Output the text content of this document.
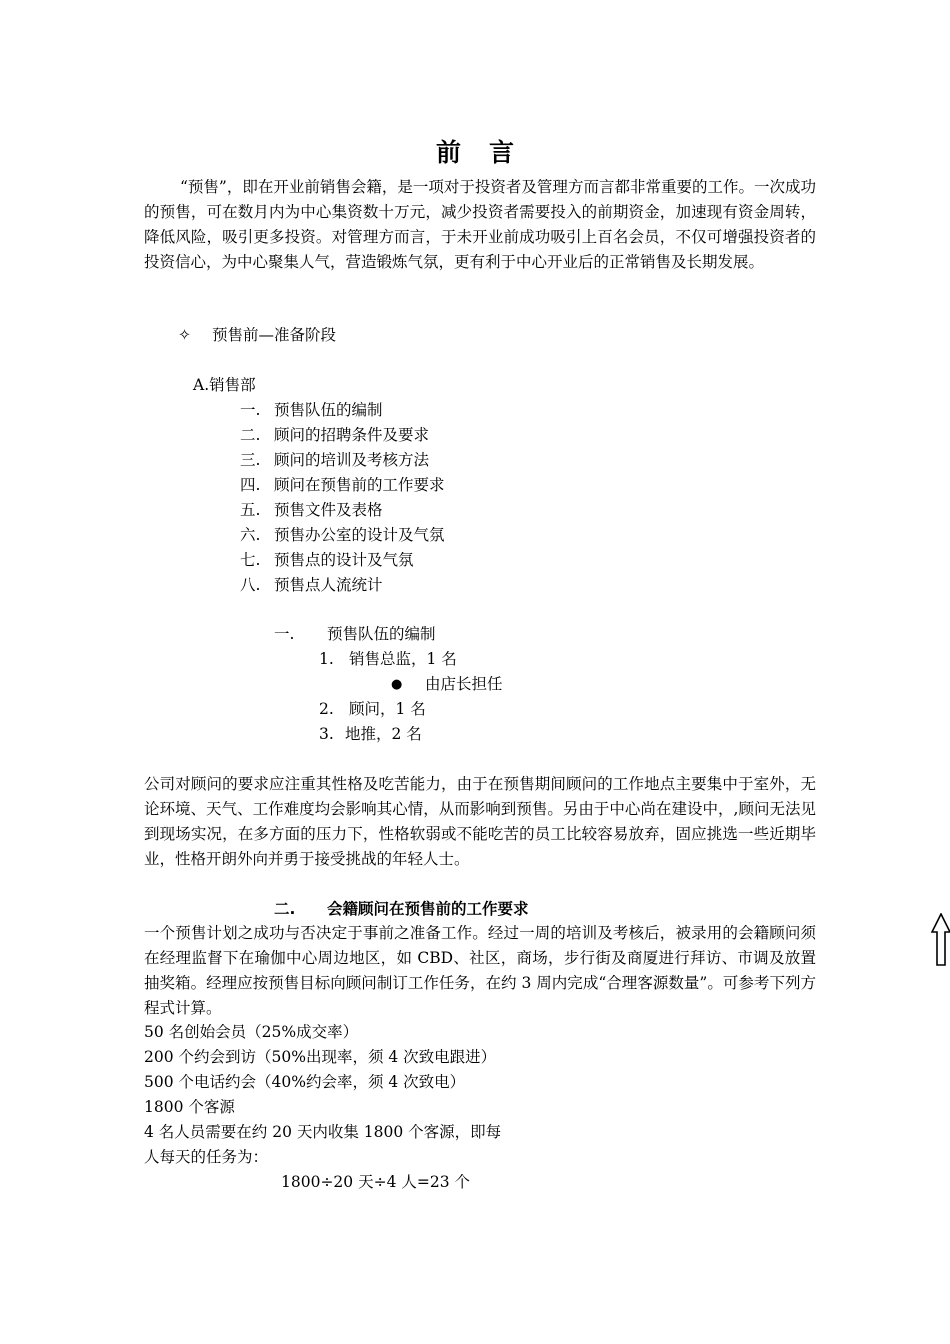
前言

“预售”，即在开业前销售会籍，是一项对于投资者及管理方而言都非常重要的工作。一次成功的预售，可在数月内为中心集资数十万元，减少投资者需要投入的前期资金，加速现有资金周转，降低风险，吸引更多投资。对管理方而言，于未开业前成功吸引上百名会员，不仅可增强投资者的投资信心，为中心聚集人气，营造锻炼气氛，更有利于中心开业后的正常销售及长期发展。

✧ 预售前—准备阶段
A.销售部
一. 预售队伍的编制
二. 顾问的招聘条件及要求
三. 顾问的培训及考核方法
四. 顾问在预售前的工作要求
五. 预售文件及表格
六. 预售办公室的设计及气氛
七. 预售点的设计及气氛
八. 预售点人流统计
一. 预售队伍的编制
1. 销售总监，1 名
● 由店长担任
2. 顾问，1 名
3. 地推，2 名

公司对顾问的要求应注重其性格及吃苦能力，由于在预售期间顾问的工作地点主要集中于室外，无论环境、天气、工作难度均会影响其心情，从而影响到预售。另由于中心尚在建设中，,顾问无法见到现场实况，在多方面的压力下，性格软弱或不能吃苦的员工比较容易放弃，固应挑选一些近期毕业，性格开朗外向并勇于接受挑战的年轻人士。

二. 会籍顾问在预售前的工作要求

一个预售计划之成功与否决定于事前之准备工作。经过一周的培训及考核后，被录用的会籍顾问须在经理监督下在瑜伽中心周边地区，如 CBD、社区，商场，步行街及商厦进行拜访、市调及放置抽奖箱。经理应按预售目标向顾问制订工作任务，在约 3 周内完成“合理客源数量”。可参考下列方程式计算。

50 名创始会员（25%成交率）
200 个约会到访（50%出现率，须 4 次致电跟进）
500 个电话约会（40%约会率，须 4 次致电）
1800 个客源
4 名人员需要在约 20 天内收集 1800 个客源，即每
人每天的任务为：
1800÷20 天÷4 人=23 个
